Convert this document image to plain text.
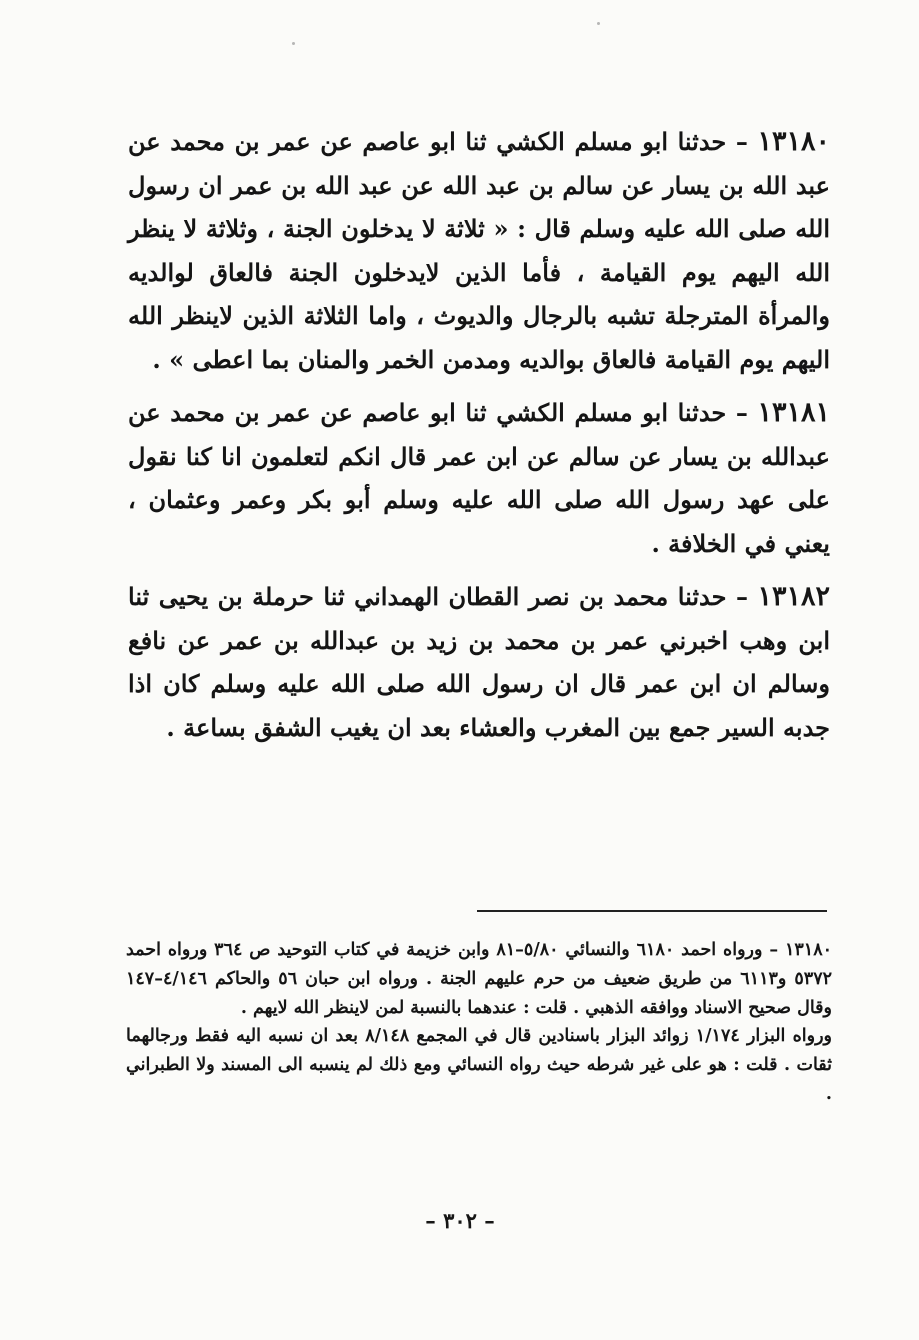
١٣١٨٠ – حدثنا ابو مسلم الكشي ثنا ابو عاصم عن عمر بن محمد عن عبد الله بن يسار عن سالم بن عبد الله عن عبد الله بن عمر ان رسول الله صلى الله عليه وسلم قال : « ثلاثة لا يدخلون الجنة ، وثلاثة لا ينظر الله اليهم يوم القيامة ، فأما الذين لايدخلون الجنة فالعاق لوالديه والمرأة المترجلة تشبه بالرجال والديوث ، واما الثلاثة الذين لاينظر الله اليهم يوم القيامة فالعاق بوالديه ومدمن الخمر والمنان بما اعطى » .

١٣١٨١ – حدثنا ابو مسلم الكشي ثنا ابو عاصم عن عمر بن محمد عن عبدالله بن يسار عن سالم عن ابن عمر قال انكم لتعلمون انا كنا نقول على عهد رسول الله صلى الله عليه وسلم أبو بكر وعمر وعثمان ، يعني في الخلافة .

١٣١٨٢ – حدثنا محمد بن نصر القطان الهمداني ثنا حرملة بن يحيى ثنا ابن وهب اخبرني عمر بن محمد بن زيد بن عبدالله بن عمر عن نافع وسالم ان ابن عمر قال ان رسول الله صلى الله عليه وسلم كان اذا جدبه السير جمع بين المغرب والعشاء بعد ان يغيب الشفق بساعة .

١٣١٨٠ – ورواه احمد ٦١٨٠ والنسائي ٥/٨٠–٨١ وابن خزيمة في كتاب التوحيد ص ٣٦٤ ورواه احمد ٥٣٧٢ و٦١١٣ من طريق ضعيف من حرم عليهم الجنة . ورواه ابن حبان ٥٦ والحاكم ٤/١٤٦–١٤٧ وقال صحيح الاسناد ووافقه الذهبي . قلت : عندهما بالنسبة لمن لاينظر الله لايهم .

ورواه البزار ١/١٧٤ زوائد البزار باسنادين قال في المجمع ٨/١٤٨ بعد ان نسبه اليه فقط ورجالهما ثقات . قلت : هو على غير شرطه حيث رواه النسائي ومع ذلك لم ينسبه الى المسند ولا الطبراني .

– ٣٠٢ –
